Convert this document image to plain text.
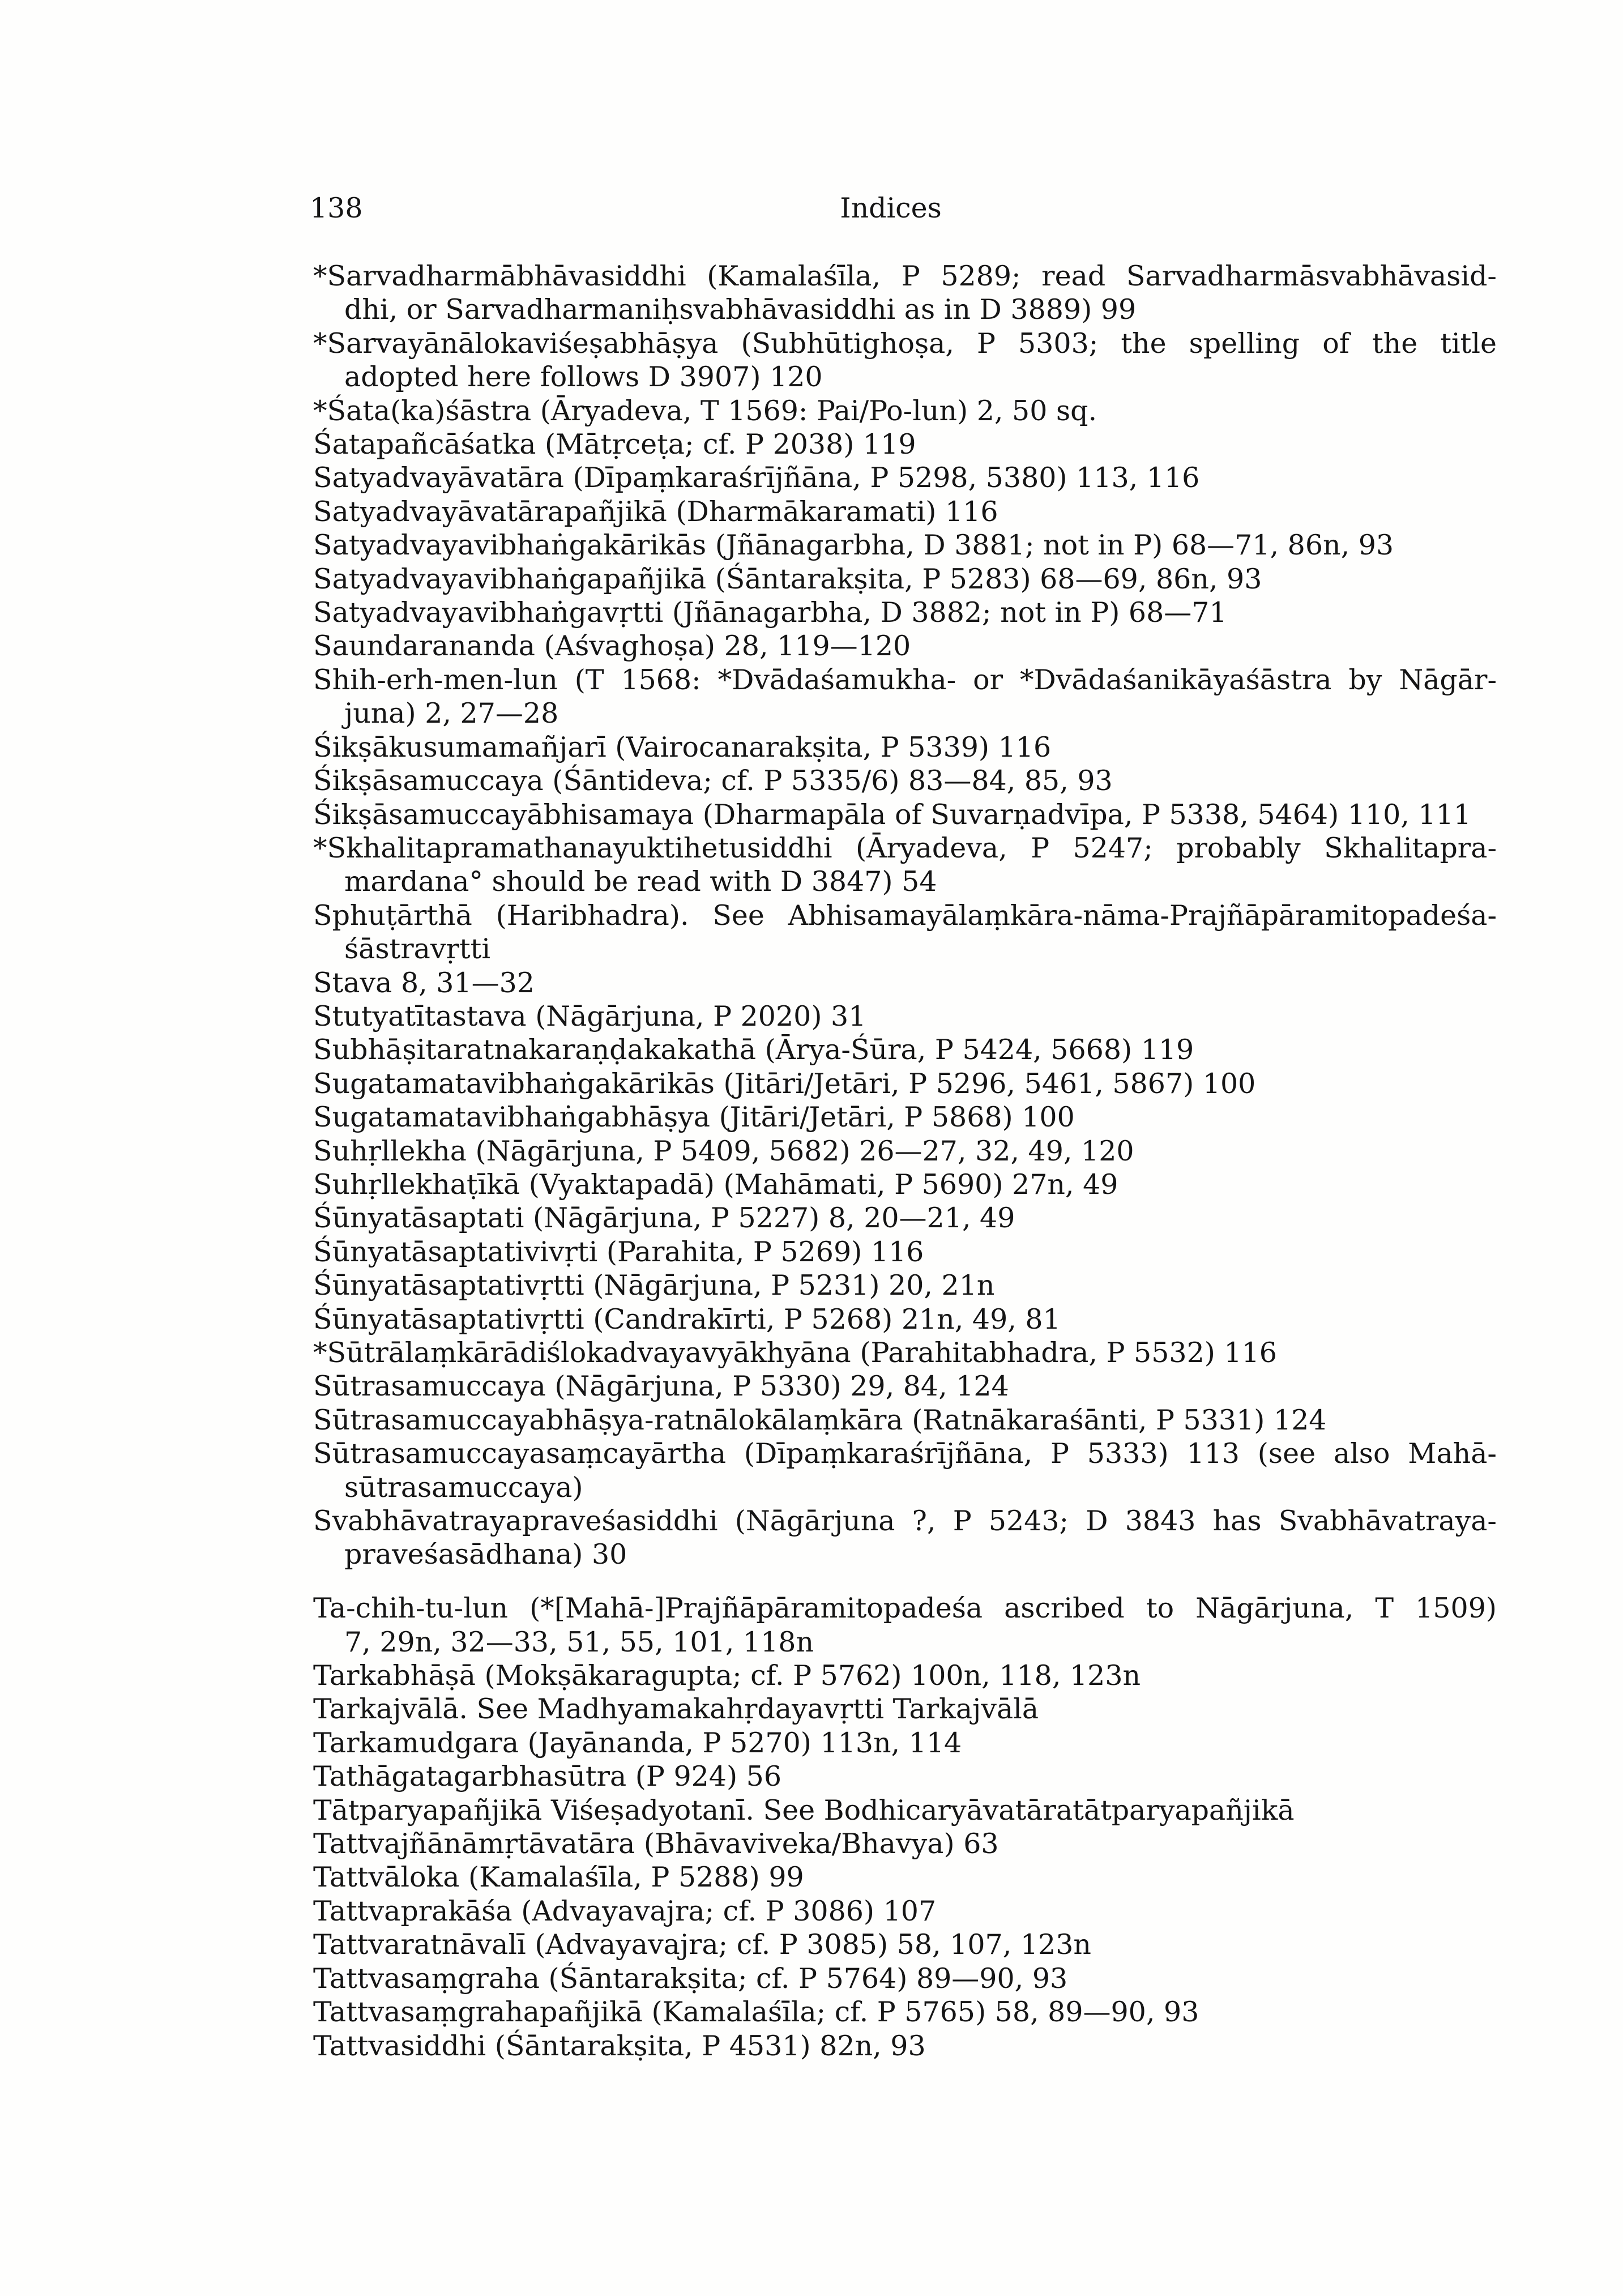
138	Indices
*Sarvadharmābhāvasiddhi (Kamalaśīla, P 5289; read Sarvadharmāsvabhāvasid-
dhi, or Sarvadharmaniḥsvabhāvasiddhi as in D 3889) 99
*Sarvayānālokaviśeṣabhāṣya (Subhūtighoṣa, P 5303; the spelling of the title
adopted here follows D 3907) 120
*Śata(ka)śāstra (Āryadeva, T 1569: Pai/Po-lun) 2, 50 sq.
Śatapañcāśatka (Mātṛceṭa; cf. P 2038) 119
Satyadvayāvatāra (Dīpaṃkaraśrījñāna, P 5298, 5380) 113, 116
Satyadvayāvatārapañjikā (Dharmākaramati) 116
Satyadvayavibhaṅgakārikās (Jñānagarbha, D 3881; not in P) 68—71, 86n, 93
Satyadvayavibhaṅgapañjikā (Śāntarakṣita, P 5283) 68—69, 86n, 93
Satyadvayavibhaṅgavṛtti (Jñānagarbha, D 3882; not in P) 68—71
Saundarananda (Aśvaghoṣa) 28, 119—120
Shih-erh-men-lun (T 1568: *Dvādaśamukha- or *Dvādaśanikāyaśāstra by Nāgār-
juna) 2, 27—28
Śikṣākusumamañjarī (Vairocanarakṣita, P 5339) 116
Śikṣāsamuccaya (Śāntideva; cf. P 5335/6) 83—84, 85, 93
Śikṣāsamuccayābhisamaya (Dharmapāla of Suvarṇadvīpa, P 5338, 5464) 110, 111
*Skhalitapramathanayuktihetusiddhi (Āryadeva, P 5247; probably Skhalitapra-
mardana° should be read with D 3847) 54
Sphuṭārthā (Haribhadra). See Abhisamayālaṃkāra-nāma-Prajñāpāramitopadeśa-
śāstravṛtti
Stava 8, 31—32
Stutyatītastava (Nāgārjuna, P 2020) 31
Subhāṣitaratnakaraṇḍakakathā (Ārya-Śūra, P 5424, 5668) 119
Sugatamatavibhaṅgakārikās (Jitāri/Jetāri, P 5296, 5461, 5867) 100
Sugatamatavibhaṅgabhāṣya (Jitāri/Jetāri, P 5868) 100
Suhṛllekha (Nāgārjuna, P 5409, 5682) 26—27, 32, 49, 120
Suhṛllekhaṭīkā (Vyaktapadā) (Mahāmati, P 5690) 27n, 49
Śūnyatāsaptati (Nāgārjuna, P 5227) 8, 20—21, 49
Śūnyatāsaptativivṛti (Parahita, P 5269) 116
Śūnyatāsaptativṛtti (Nāgārjuna, P 5231) 20, 21n
Śūnyatāsaptativṛtti (Candrakīrti, P 5268) 21n, 49, 81
*Sūtrālaṃkārādiślokadvayavyākhyāna (Parahitabhadra, P 5532) 116
Sūtrasamuccaya (Nāgārjuna, P 5330) 29, 84, 124
Sūtrasamuccayabhāṣya-ratnālokālaṃkāra (Ratnākaraśānti, P 5331) 124
Sūtrasamuccayasaṃcayārtha (Dīpaṃkaraśrījñāna, P 5333) 113 (see also Mahā-
sūtrasamuccaya)
Svabhāvatrayapraveśasiddhi (Nāgārjuna ?, P 5243; D 3843 has Svabhāvatraya-
praveśasādhana) 30
Ta-chih-tu-lun (*[Mahā-]Prajñāpāramitopadeśa ascribed to Nāgārjuna, T 1509)
7, 29n, 32—33, 51, 55, 101, 118n
Tarkabhāṣā (Mokṣākaragupta; cf. P 5762) 100n, 118, 123n
Tarkajvālā. See Madhyamakahṛdayavṛtti Tarkajvālā
Tarkamudgara (Jayānanda, P 5270) 113n, 114
Tathāgatagarbhasūtra (P 924) 56
Tātparyapañjikā Viśeṣadyotanī. See Bodhicaryāvatāratātparyapañjikā
Tattvajñānāmṛtāvatāra (Bhāvaviveka/Bhavya) 63
Tattvāloka (Kamalaśīla, P 5288) 99
Tattvaprakāśa (Advayavajra; cf. P 3086) 107
Tattvaratnāvalī (Advayavajra; cf. P 3085) 58, 107, 123n
Tattvasaṃgraha (Śāntarakṣita; cf. P 5764) 89—90, 93
Tattvasaṃgrahapañjikā (Kamalaśīla; cf. P 5765) 58, 89—90, 93
Tattvasiddhi (Śāntarakṣita, P 4531) 82n, 93
